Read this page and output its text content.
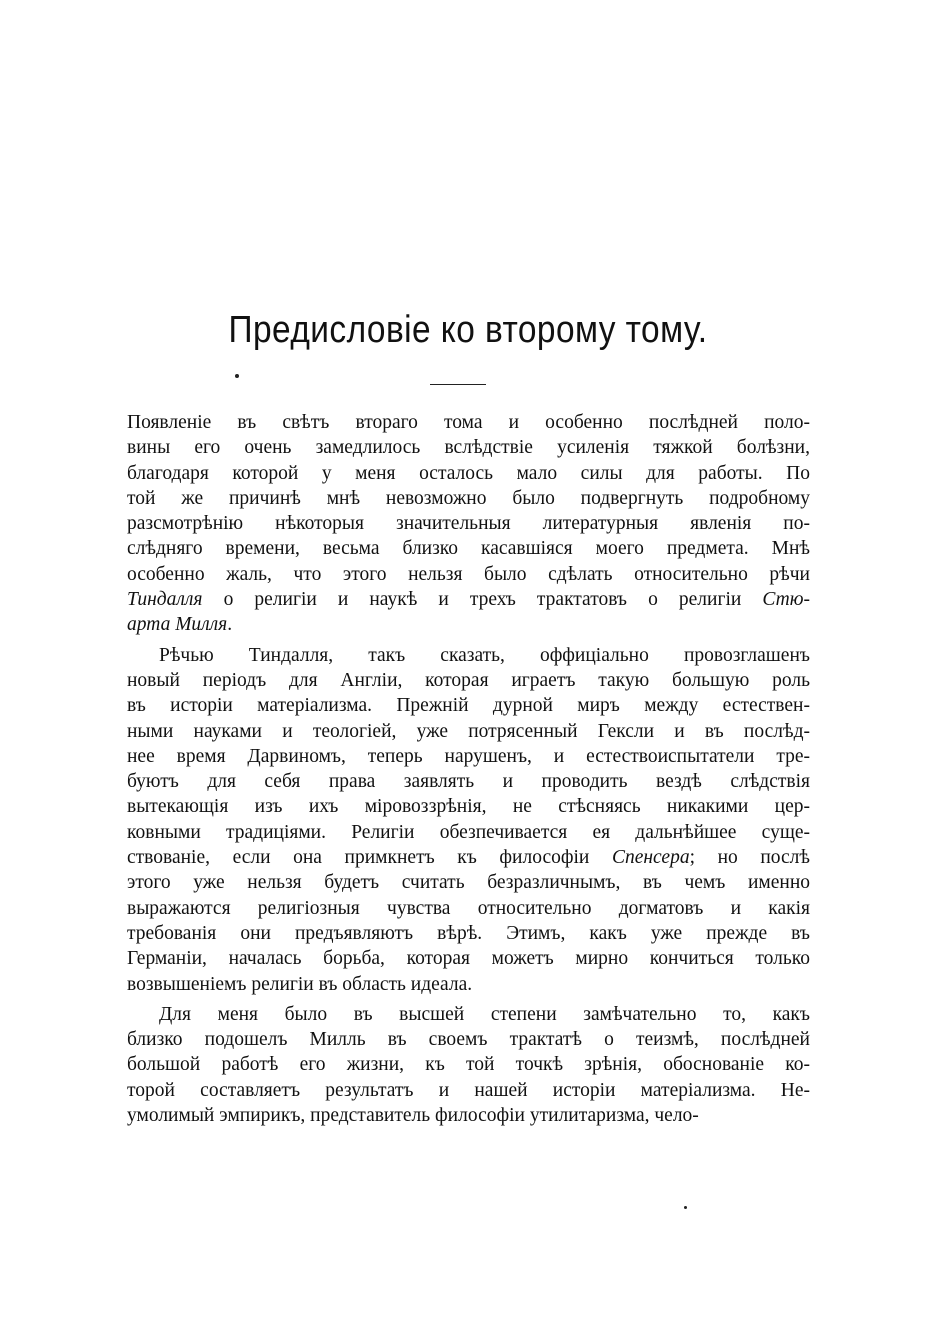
Предисловіе ко второму тому.
Появленіе въ свѣтъ втораго тома и особенно послѣдней поло-
вины его очень замедлилось вслѣдствіе усиленія тяжкой болѣзни,
благодаря которой у меня осталось мало силы для работы. По
той же причинѣ мнѣ невозможно было подвергнуть подробному
разсмотрѣнію нѣкоторыя значительныя литературныя явленія по-
слѣдняго времени, весьма близко касавшіяся моего предмета. Мнѣ
особенно жаль, что этого нельзя было сдѣлать относительно рѣчи
Тиндалля о религіи и наукѣ и трехъ трактатовъ о религіи Стю-
арта Милля.
Рѣчью Тиндалля, такъ сказать, оффиціально провозглашенъ
новый періодъ для Англіи, которая играетъ такую большую роль
въ исторіи матеріализма. Прежній дурной миръ между естествен-
ными науками и теологіей, уже потрясенный Гексли и въ послѣд-
нее время Дарвиномъ, теперь нарушенъ, и естествоиспытатели тре-
буютъ для себя права заявлять и проводить вездѣ слѣдствія
вытекающія изъ ихъ міровоззрѣнія, не стѣсняясь никакими цер-
ковными традиціями. Религіи обезпечивается ея дальнѣйшее суще-
ствованіе, если она примкнетъ къ философіи Спенсера; но послѣ
этого уже нельзя будетъ считать безразличнымъ, въ чемъ именно
выражаются религіозныя чувства относительно догматовъ и какія
требованія они предъявляютъ вѣрѣ. Этимъ, какъ уже прежде въ
Германіи, началась борьба, которая можетъ мирно кончиться только
возвышеніемъ религіи въ область идеала.
Для меня было въ высшей степени замѣчательно то, какъ
близко подошелъ Милль въ своемъ трактатѣ о теизмѣ, послѣдней
большой работѣ его жизни, къ той точкѣ зрѣнія, обоснованіе ко-
торой составляетъ результатъ и нашей исторіи матеріализма. Не-
умолимый эмпирикъ, представитель философіи утилитаризма, чело-
